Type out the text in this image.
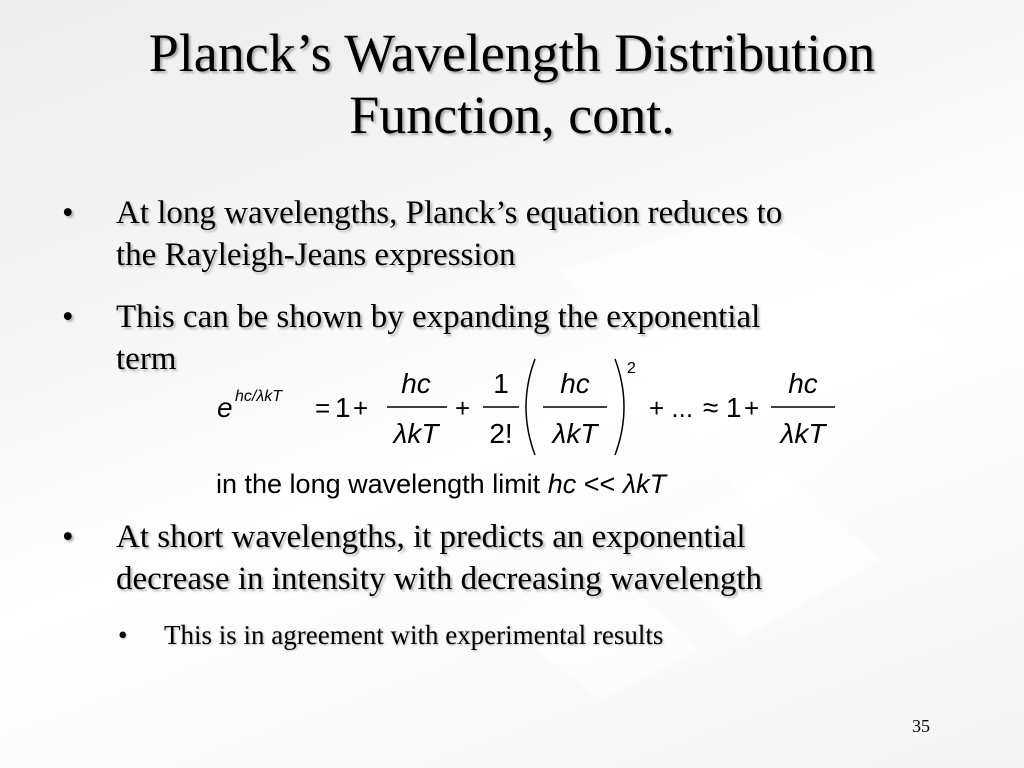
Planck’s Wavelength Distribution
Function, cont.
• At long wavelengths, Planck’s equation reduces to
the Rayleigh-Jeans expression
• This can be shown by expanding the exponential
term
e hc/λkT = 1 +
hc
λkT
+
1
2!
hc
λkT
2
+ ... ≈ 1 +
hc
λkT
in the long wavelength limit hc << λkT
• At short wavelengths, it predicts an exponential
decrease in intensity with decreasing wavelength
• This is in agreement with experimental results
35
